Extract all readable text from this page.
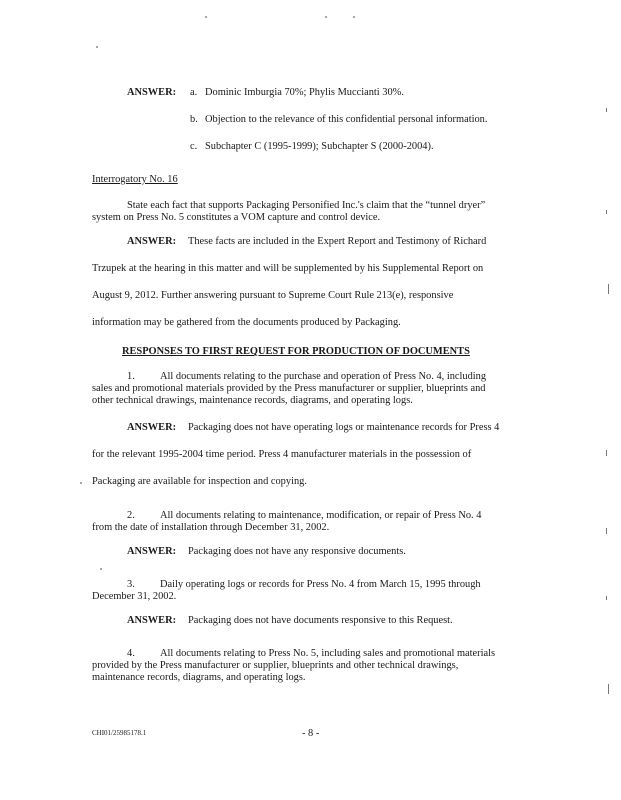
ANSWER: a. Dominic Imburgia 70%; Phylis Muccianti 30%.
b. Objection to the relevance of this confidential personal information.
c. Subchapter C (1995-1999); Subchapter S (2000-2004).
Interrogatory No. 16
State each fact that supports Packaging Personified Inc.'s claim that the “tunnel dryer”
system on Press No. 5 constitutes a VOM capture and control device.
ANSWER: These facts are included in the Expert Report and Testimony of Richard
Trzupek at the hearing in this matter and will be supplemented by his Supplemental Report on
August 9, 2012. Further answering pursuant to Supreme Court Rule 213(e), responsive
information may be gathered from the documents produced by Packaging.
RESPONSES TO FIRST REQUEST FOR PRODUCTION OF DOCUMENTS
1. All documents relating to the purchase and operation of Press No. 4, including
sales and promotional materials provided by the Press manufacturer or supplier, blueprints and
other technical drawings, maintenance records, diagrams, and operating logs.
ANSWER: Packaging does not have operating logs or maintenance records for Press 4
for the relevant 1995-2004 time period. Press 4 manufacturer materials in the possession of
Packaging are available for inspection and copying.
2. All documents relating to maintenance, modification, or repair of Press No. 4
from the date of installation through December 31, 2002.
ANSWER: Packaging does not have any responsive documents.
3. Daily operating logs or records for Press No. 4 from March 15, 1995 through
December 31, 2002.
ANSWER: Packaging does not have documents responsive to this Request.
4. All documents relating to Press No. 5, including sales and promotional materials
provided by the Press manufacturer or supplier, blueprints and other technical drawings,
maintenance records, diagrams, and operating logs.
CHI01/25985178.1	- 8 -
